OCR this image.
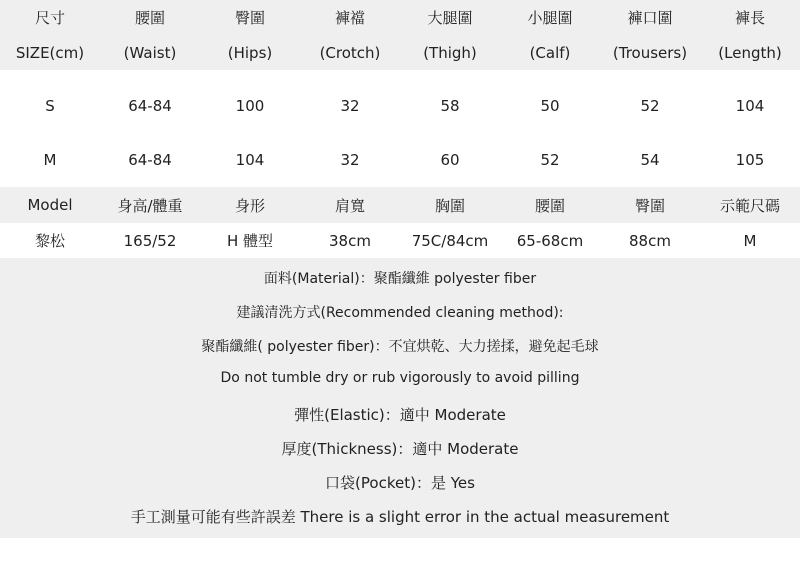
尺寸	腰圍	臀圍	褲襠	大腿圍	小腿圍	褲口圍	褲長
SIZE(cm)	(Waist)	(Hips)	(Crotch)	(Thigh)	(Calf)	(Trousers)	(Length)
S	64-84	100	32	58	50	52	104
M	64-84	104	32	60	52	54	105
Model	身高/體重	身形	肩寬	胸圍	腰圍	臀圍	示範尺碼
黎松	165/52	H 體型	38cm	75C/84cm	65-68cm	88cm	M
面料(Material)：聚酯纖維 polyester fiber
建議清洗方式(Recommended cleaning method):
聚酯纖維( polyester fiber)：不宜烘乾、大力搓揉，避免起毛球
Do not tumble dry or rub vigorously to avoid pilling
彈性(Elastic)：適中 Moderate
厚度(Thickness)：適中 Moderate
口袋(Pocket)：是 Yes
手工測量可能有些許誤差 There is a slight error in the actual measurement
